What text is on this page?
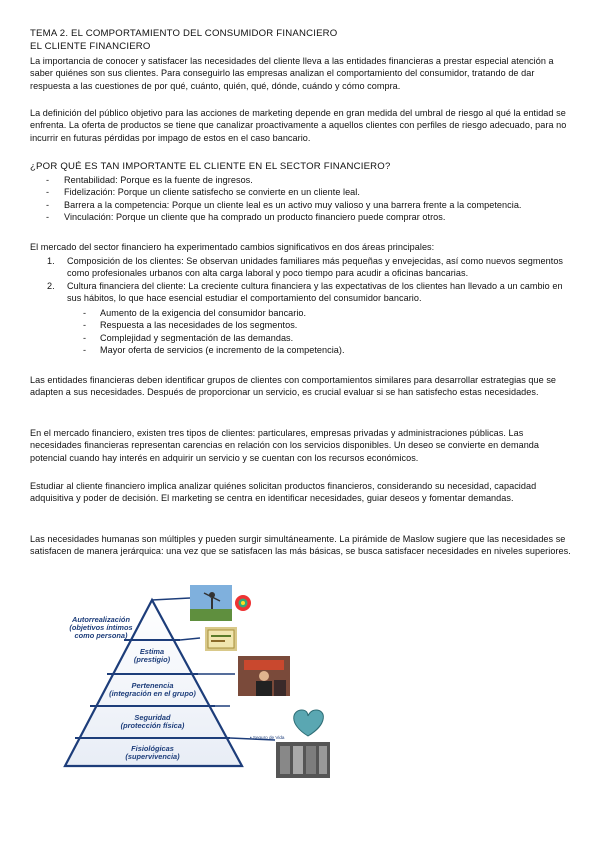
TEMA 2. EL COMPORTAMIENTO DEL CONSUMIDOR FINANCIERO
EL CLIENTE FINANCIERO

La importancia de conocer y satisfacer las necesidades del cliente lleva a las entidades financieras a prestar especial atención a saber quiénes son sus clientes. Para conseguirlo las empresas analizan el comportamiento del consumidor, tratando de dar respuesta a las cuestiones de por qué, cuánto, quién, qué, dónde, cuándo y cómo compra.

La definición del público objetivo para las acciones de marketing depende en gran medida del umbral de riesgo al qué la entidad se enfrenta. La oferta de productos se tiene que canalizar proactivamente a aquellos clientes con perfiles de riesgo adecuado, para no incurrir en futuras pérdidas por impago de estos en el caso bancario.

¿POR QUÉ ES TAN IMPORTANTE EL CLIENTE EN EL SECTOR FINANCIERO?
- Rentabilidad: Porque es la fuente de ingresos.
- Fidelización: Porque un cliente satisfecho se convierte en un cliente leal.
- Barrera a la competencia: Porque un cliente leal es un activo muy valioso y una barrera frente a la competencia.
- Vinculación: Porque un cliente que ha comprado un producto financiero puede comprar otros.

El mercado del sector financiero ha experimentado cambios significativos en dos áreas principales:

1. Composición de los clientes: Se observan unidades familiares más pequeñas y envejecidas, así como nuevos segmentos como profesionales urbanos con alta carga laboral y poco tiempo para acudir a oficinas bancarias.
2. Cultura financiera del cliente: La creciente cultura financiera y las expectativas de los clientes han llevado a un cambio en sus hábitos, lo que hace esencial estudiar el comportamiento del consumidor bancario.
- Aumento de la exigencia del consumidor bancario.
- Respuesta a las necesidades de los segmentos.
- Complejidad y segmentación de las demandas.
- Mayor oferta de servicios (e incremento de la competencia).

Las entidades financieras deben identificar grupos de clientes con comportamientos similares para desarrollar estrategias que se adapten a sus necesidades. Después de proporcionar un servicio, es crucial evaluar si se han satisfecho estas necesidades.

En el mercado financiero, existen tres tipos de clientes: particulares, empresas privadas y administraciones públicas. Las necesidades financieras representan carencias en relación con los servicios disponibles. Un deseo se convierte en demanda potencial cuando hay interés en adquirir un servicio y se cuentan con los recursos económicos.

Estudiar al cliente financiero implica analizar quiénes solicitan productos financieros, considerando su necesidad, capacidad adquisitiva y poder de decisión. El marketing se centra en identificar necesidades, guiar deseos y fomentar demandas.

Las necesidades humanas son múltiples y pueden surgir simultáneamente. La pirámide de Maslow sugiere que las necesidades se satisfacen de manera jerárquica: una vez que se satisfacen las más básicas, se busca satisfacer necesidades en niveles superiores.

Autorrealización
(objetivos íntimos
como persona)
Estima
(prestigio)
Pertenencia
(integración en el grupo)
Seguridad
(protección física)
Fisiológicas
(supervivencia)
• Seguro de Vida
